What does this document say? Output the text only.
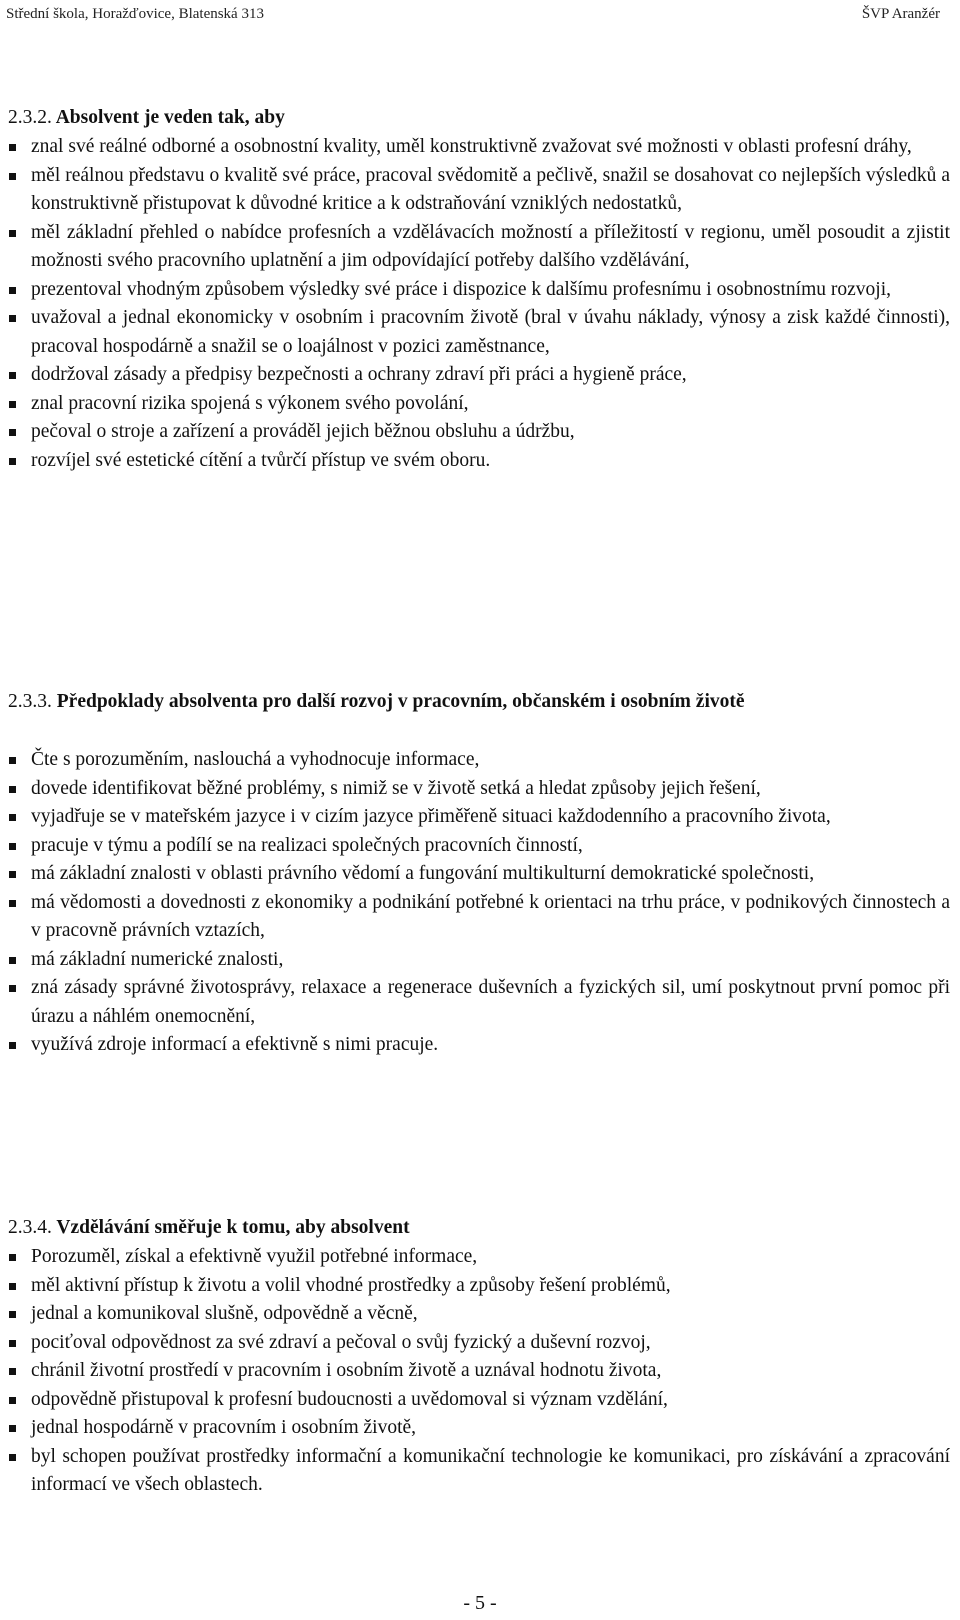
Střední škola, Horažďovice, Blatenská 313	ŠVP Aranžér
2.3.2. Absolvent je veden tak, aby
znal své reálné odborné a osobnostní kvality, uměl konstruktivně zvažovat své možnosti v oblasti profesní dráhy,
měl reálnou představu o kvalitě své práce, pracoval svědomitě a pečlivě, snažil se dosahovat co nejlepších výsledků a konstruktivně přistupovat k důvodné kritice a k odstraňování vzniklých nedostatků,
měl základní přehled o nabídce profesních a vzdělávacích možností a příležitostí v regionu, uměl posoudit a zjistit možnosti svého pracovního uplatnění a jim odpovídající potřeby dalšího vzdělávání,
prezentoval vhodným způsobem výsledky své práce i dispozice k dalšímu profesnímu i osobnostnímu rozvoji,
uvažoval a jednal ekonomicky v osobním i pracovním životě (bral v úvahu náklady, výnosy a zisk každé činnosti), pracoval hospodárně a snažil se o loajálnost v pozici zaměstnance,
dodržoval zásady a předpisy bezpečnosti a ochrany zdraví při práci a hygieně práce,
znal pracovní rizika spojená s výkonem svého povolání,
pečoval o stroje a zařízení a prováděl jejich běžnou obsluhu a údržbu,
rozvíjel své estetické cítění a tvůrčí přístup ve svém oboru.
2.3.3. Předpoklady absolventa pro další rozvoj v pracovním, občanském i osobním životě
Čte s porozuměním, naslouchá a vyhodnocuje informace,
dovede identifikovat běžné problémy, s nimiž se v životě setká a hledat způsoby jejich řešení,
vyjadřuje se v mateřském jazyce i v cizím jazyce přiměřeně situaci každodenního a pracovního života,
pracuje v týmu a podílí se na realizaci společných pracovních činností,
má základní znalosti v oblasti právního vědomí a fungování multikulturní demokratické společnosti,
má vědomosti a dovednosti z ekonomiky a podnikání potřebné k orientaci na trhu práce, v podnikových činnostech a v pracovně právních vztazích,
má základní numerické znalosti,
zná zásady správné životosprávy, relaxace a regenerace duševních a fyzických sil, umí poskytnout první pomoc při úrazu a náhlém onemocnění,
využívá zdroje informací a efektivně s nimi pracuje.
2.3.4. Vzdělávání směřuje k tomu, aby absolvent
Porozuměl, získal a efektivně využil potřebné informace,
měl aktivní přístup k životu a volil vhodné prostředky a způsoby řešení problémů,
jednal a komunikoval slušně, odpovědně a věcně,
pociťoval odpovědnost za své zdraví a pečoval o svůj fyzický a duševní rozvoj,
chránil životní prostředí v pracovním i osobním životě a uznával hodnotu života,
odpovědně přistupoval k profesní budoucnosti a uvědomoval si význam vzdělání,
jednal hospodárně v pracovním i osobním životě,
byl schopen používat prostředky informační a komunikační technologie ke komunikaci, pro získávání a zpracování informací ve všech oblastech.
- 5 -
